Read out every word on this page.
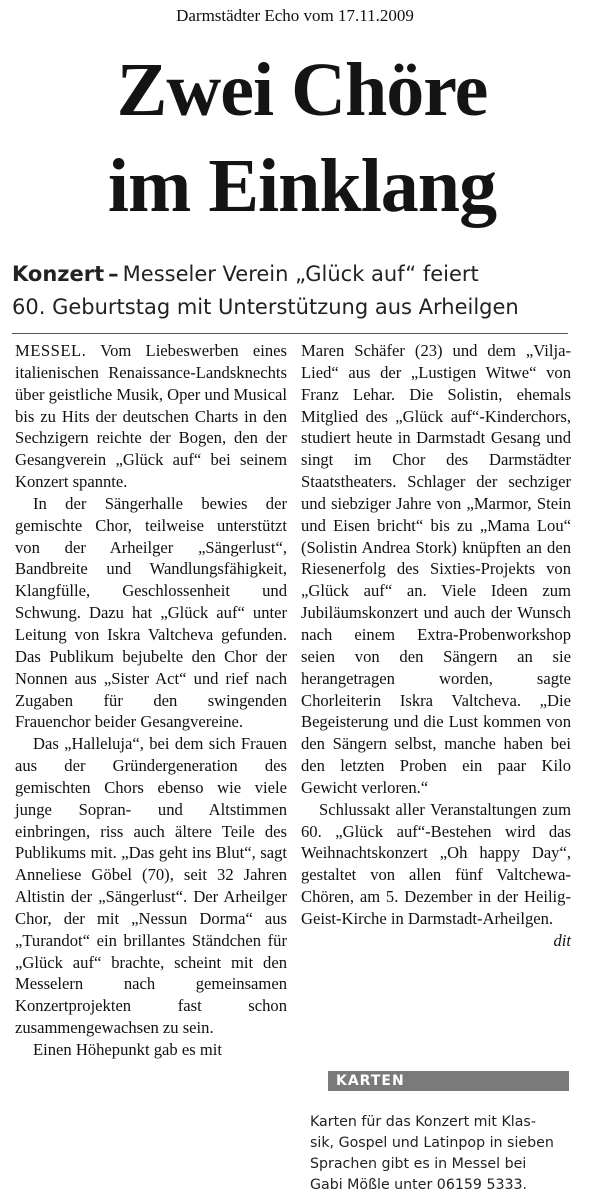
Darmstädter Echo vom 17.11.2009
Zwei Chöre
im Einklang
Konzert – Messeler Verein „Glück auf“ feiert
60. Geburtstag mit Unterstützung aus Arheilgen

MESSEL. Vom Liebeswerben eines italienischen Renaissance-Landsknechts über geistliche Musik, Oper und Musical bis zu Hits der deutschen Charts in den Sechzigern reichte der Bogen, den der Gesangverein „Glück auf“ bei seinem Konzert spannte.

In der Sängerhalle bewies der gemischte Chor, teilweise unterstützt von der Arheilger „Sängerlust“, Bandbreite und Wandlungsfähigkeit, Klangfülle, Geschlossenheit und Schwung. Dazu hat „Glück auf“ unter Leitung von Iskra Valtcheva gefunden. Das Publikum bejubelte den Chor der Nonnen aus „Sister Act“ und rief nach Zugaben für den swingenden Frauenchor beider Gesangvereine.

Das „Halleluja“, bei dem sich Frauen aus der Gründergeneration des gemischten Chors ebenso wie viele junge Sopran- und Altstimmen einbringen, riss auch ältere Teile des Publikums mit. „Das geht ins Blut“, sagt Anneliese Göbel (70), seit 32 Jahren Altistin der „Sängerlust“. Der Arheilger Chor, der mit „Nessun Dorma“ aus „Turandot“ ein brillantes Ständchen für „Glück auf“ brachte, scheint mit den Messelern nach gemeinsamen Konzertprojekten fast schon zusammengewachsen zu sein.

Einen Höhepunkt gab es mit

Maren Schäfer (23) und dem „Vilja-Lied“ aus der „Lustigen Witwe“ von Franz Lehar. Die Solistin, ehemals Mitglied des „Glück auf“-Kinderchors, studiert heute in Darmstadt Gesang und singt im Chor des Darmstädter Staatstheaters. Schlager der sechziger und siebziger Jahre von „Marmor, Stein und Eisen bricht“ bis zu „Mama Lou“ (Solistin Andrea Stork) knüpften an den Riesenerfolg des Sixties-Projekts von „Glück auf“ an. Viele Ideen zum Jubiläumskonzert und auch der Wunsch nach einem Extra-Probenworkshop seien von den Sängern an sie herangetragen worden, sagte Chorleiterin Iskra Valtcheva. „Die Begeisterung und die Lust kommen von den Sängern selbst, manche haben bei den letzten Proben ein paar Kilo Gewicht verloren.“

Schlussakt aller Veranstaltungen zum 60. „Glück auf“-Bestehen wird das Weihnachtskonzert „Oh happy Day“, gestaltet von allen fünf Valtchewa-Chören, am 5. Dezember in der Heilig-Geist-Kirche in Darmstadt-Arheilgen.
dit

KARTEN
Karten für das Konzert mit Klas-
sik, Gospel und Latinpop in sieben
Sprachen gibt es in Messel bei
Gabi Mößle unter 06159 5333.
